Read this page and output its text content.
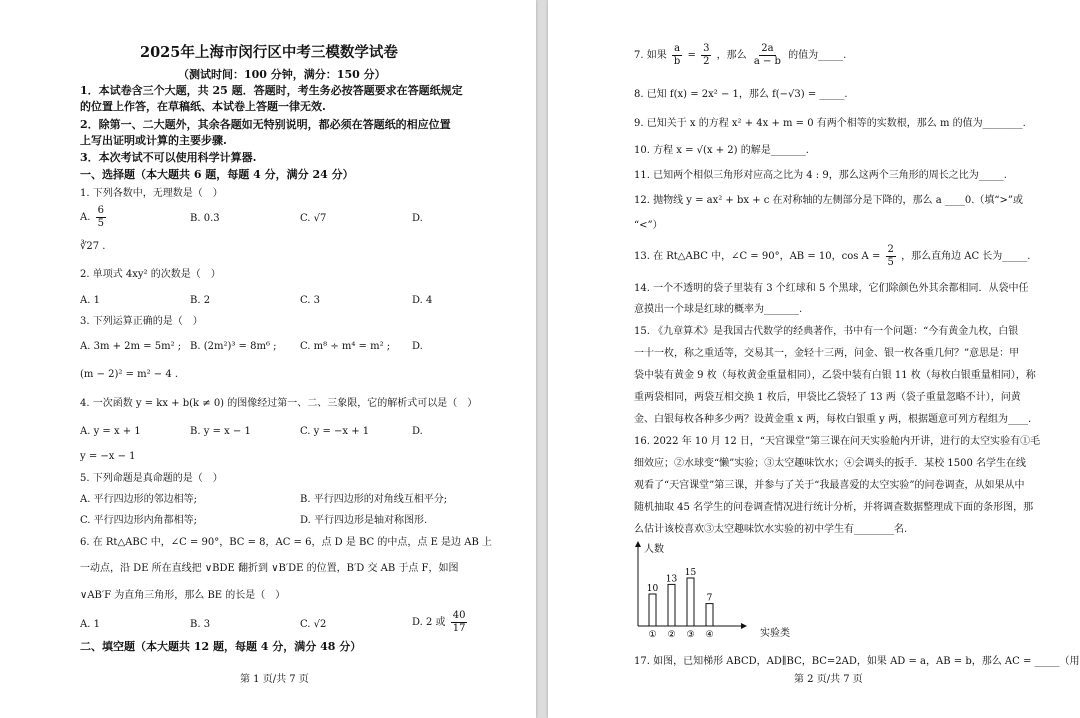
2025年上海市闵行区中考三模数学试卷
（测试时间：100 分钟，满分：150 分）
1．本试卷含三个大题，共 25 题．答题时，考生务必按答题要求在答题纸规定
的位置上作答，在草稿纸、本试卷上答题一律无效.
2．除第一、二大题外，其余各题如无特别说明，都必须在答题纸的相应位置
上写出证明或计算的主要步骤.
3．本次考试不可以使用科学计算器.
一、选择题（本大题共 6 题，每题 4 分，满分 24 分）
1. 下列各数中，无理数是（　）
A. $\frac{6}{5}$	B. 0.3̇	C. √7	D.
∛27 .
2. 单项式 4xy² 的次数是（　）
A. 1	B. 2	C. 3	D. 4
3. 下列运算正确的是（　）
A. 3m + 2m = 5m² ; B. (2m²)³ = 8m⁶ ; C. m⁸ ÷ m⁴ = m² ; D.
(m − 2)² = m² − 4 .
4. 一次函数 y = kx + b(k ≠ 0) 的图像经过第一、二、三象限，它的解析式可以是（　）
A. y = x + 1	B. y = x − 1	C. y = −x + 1	D.
y = −x − 1
5. 下列命题是真命题的是（　）
A. 平行四边形的邻边相等;	B. 平行四边形的对角线互相平分;
C. 平行四边形内角都相等;	D. 平行四边形是轴对称图形.
6. 在 Rt△ABC 中，∠C = 90°，BC = 8，AC = 6，点 D 是 BC 的中点，点 E 是边 AB 上
一动点，沿 DE 所在直线把 ∨BDE 翻折到 ∨B′DE 的位置，B′D 交 AB 于点 F，如图
∨AB′F 为直角三角形，那么 BE 的长是（　）
A. 1	B. 3	C. √2	D. 2 或 $\frac{40}{17}$
二、填空题（本大题共 12 题，每题 4 分，满分 48 分）
第 1 页/共 7 页
7. 如果 $\frac{a}{b} = \frac{3}{2}$ ，那么 $\frac{2a}{a - b}$ 的值为_____.
8. 已知 f(x) = 2x² − 1，那么 f(−√3) = _____.
9. 已知关于 x 的方程 x² + 4x + m = 0 有两个相等的实数根，那么 m 的值为________.
10. 方程 x = √(x + 2) 的解是_______.
11. 已知两个相似三角形对应高之比为 4 : 9，那么这两个三角形的周长之比为_____.
12. 抛物线 y = ax² + bx + c 在对称轴的左侧部分是下降的，那么 a ____0.（填“>”或
“<”）
13. 在 Rt△ABC 中，∠C = 90°，AB = 10，$\cos A = \frac{2}{5}$ ，那么直角边 AC 长为_____.
14. 一个不透明的袋子里装有 3 个红球和 5 个黑球，它们除颜色外其余都相同．从袋中任
意摸出一个球是红球的概率为_______.
15. 《九章算术》是我国古代数学的经典著作，书中有一个问题：“今有黄金九枚，白银
一十一枚，称之重适等，交易其一，金轻十三两，问金、银一枚各重几何？”意思是：甲
袋中装有黄金 9 枚（每枚黄金重量相同），乙袋中装有白银 11 枚（每枚白银重量相同），称
重两袋相同，两袋互相交换 1 枚后，甲袋比乙袋轻了 13 两（袋子重量忽略不计），问黄
金、白银每枚各种多少两？设黄金重 x 两，每枚白银重 y 两，根据题意可列方程组为____.
16. 2022 年 10 月 12 日，“天宫课堂”第三课在问天实验舱内开讲，进行的太空实验有①毛
细效应；②水球变“懒”实验；③太空趣味饮水；④会调头的扳手．某校 1500 名学生在线
观看了“天宫课堂”第三课，并参与了关于“我最喜爱的太空实验”的问卷调查，从如果从中
随机抽取 45 名学生的问卷调查情况进行统计分析，并将调查数据整理成下面的条形图，那
么估计该校喜欢③太空趣味饮水实验的初中学生有________名.
人数
实验类
10
①
13
②
15
③
7
④
17. 如图，已知梯形 ABCD，AD∥BC，BC=2AD，如果 AD = a，AB = b，那么 AC = _____（用
第 2 页/共 7 页
